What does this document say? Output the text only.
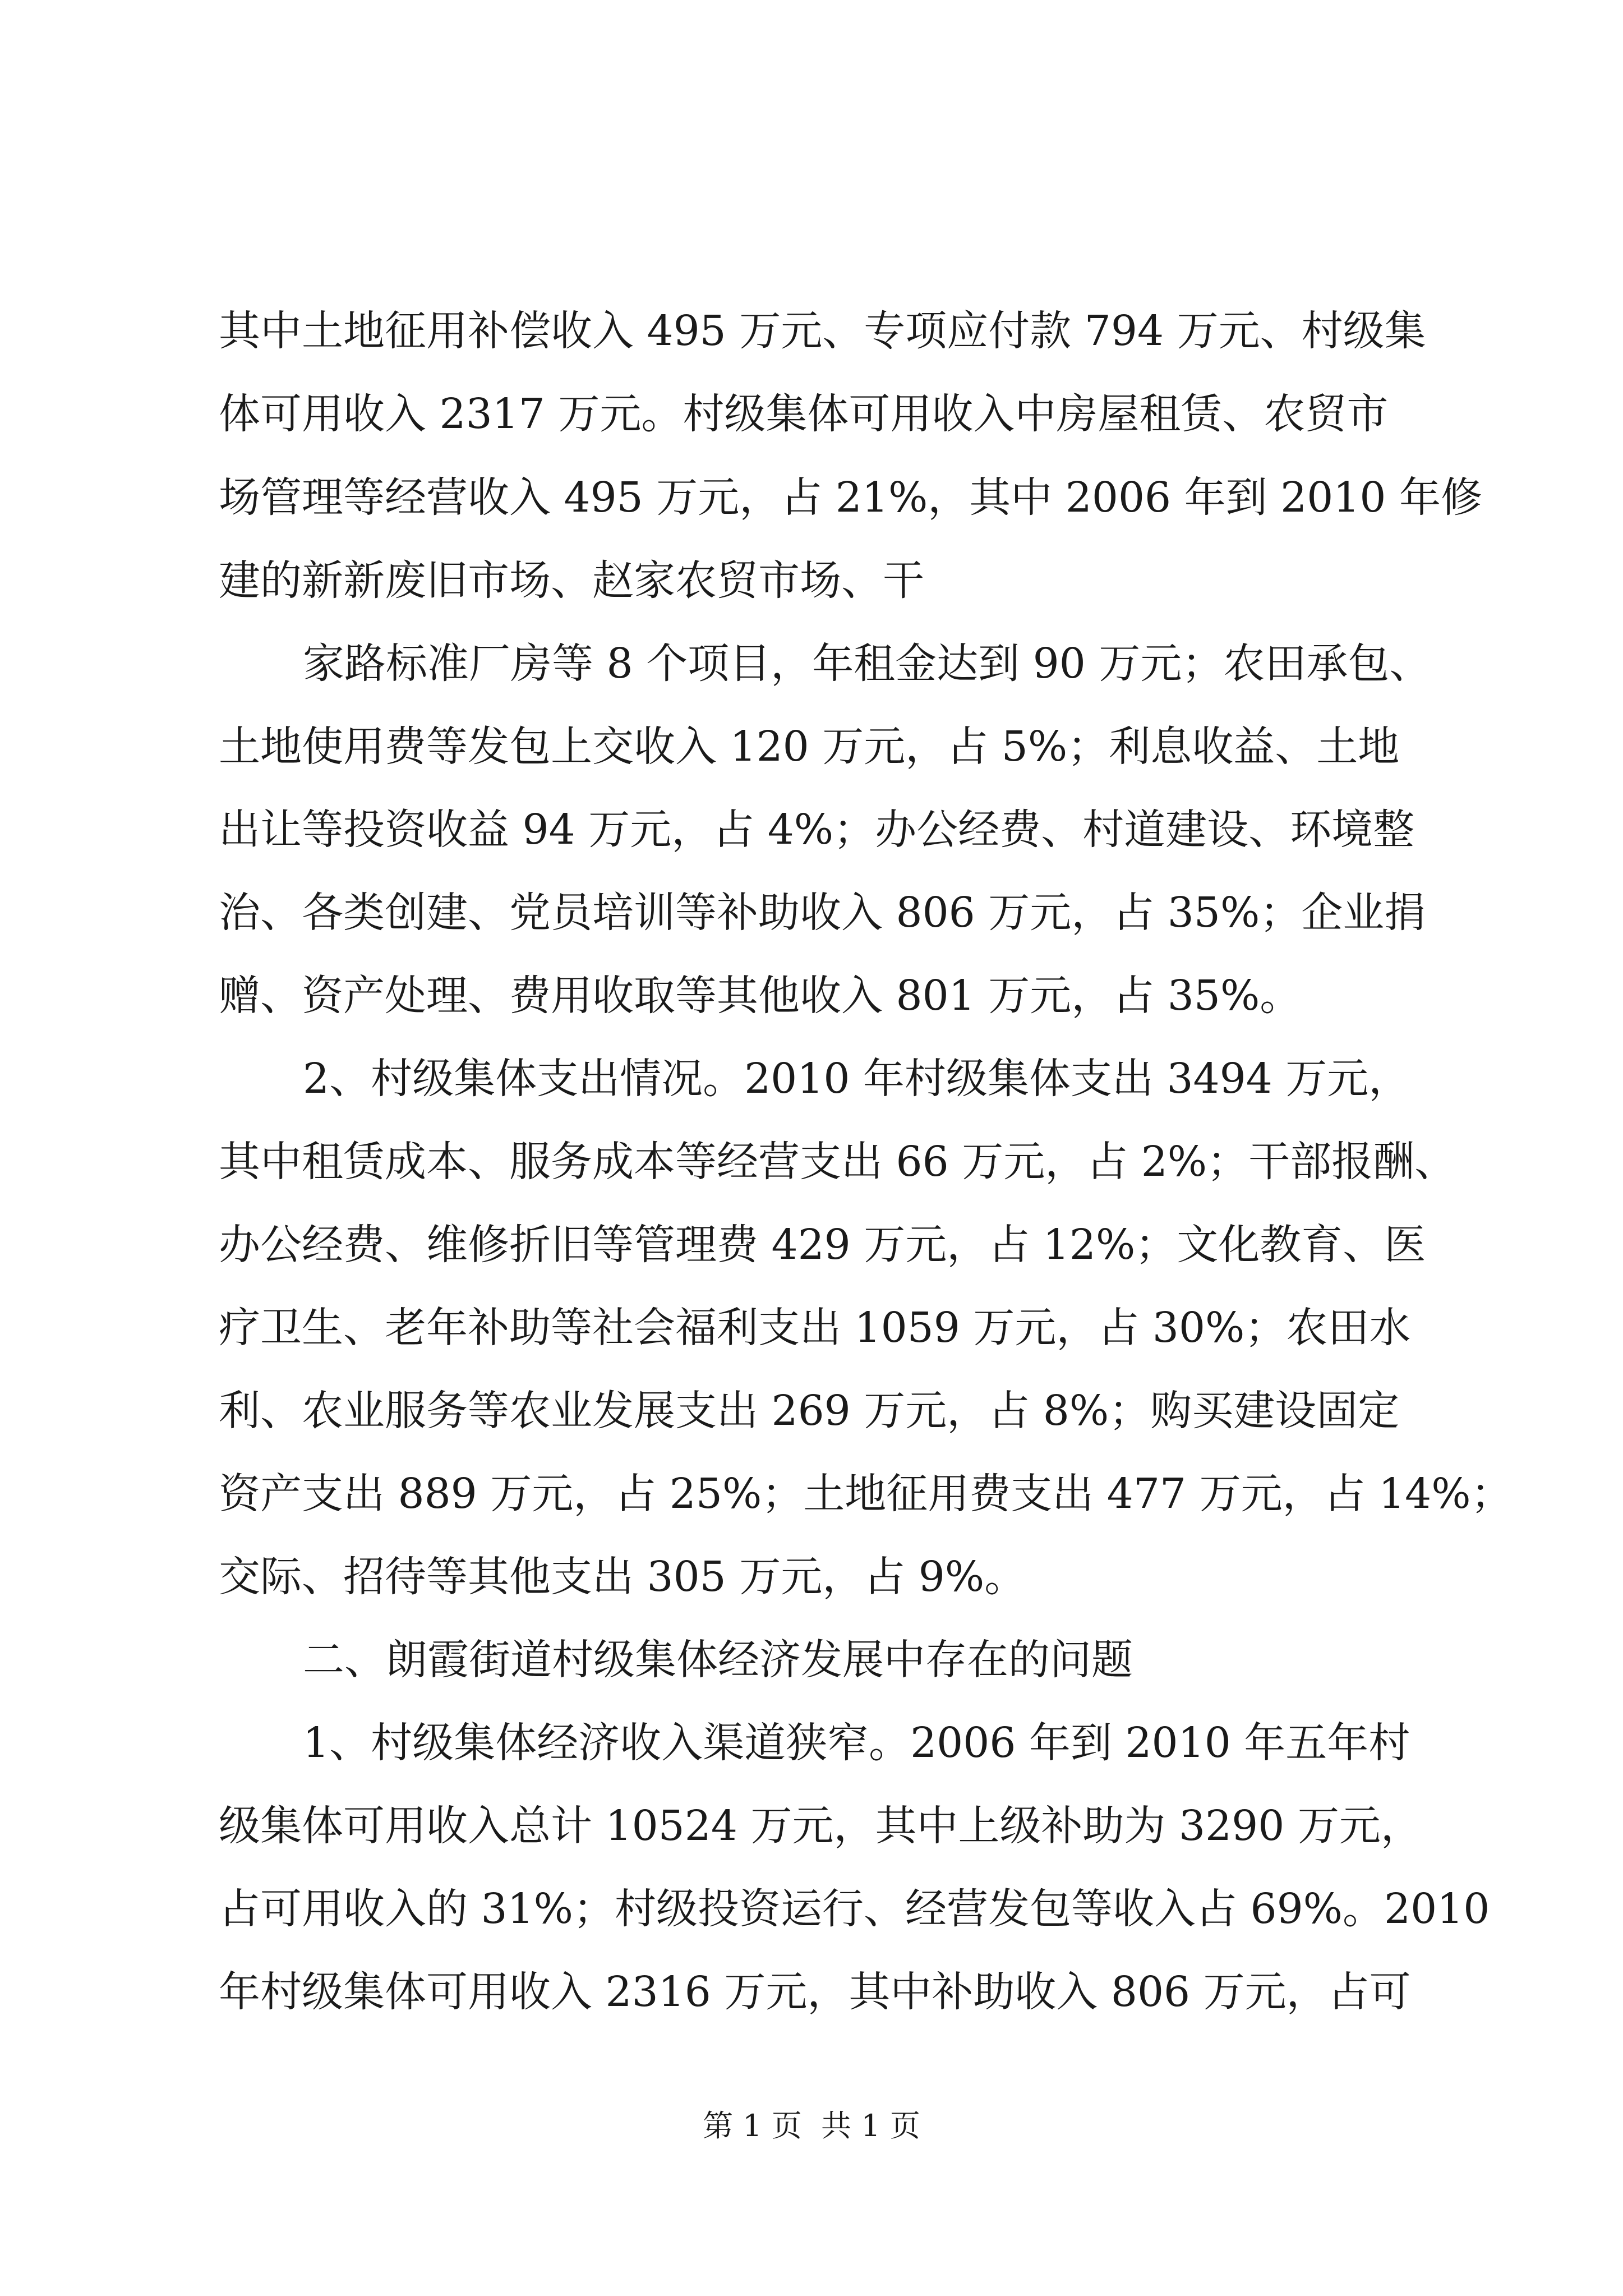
其中土地征用补偿收入 495 万元、专项应付款 794 万元、村级集

体可用收入 2317 万元。村级集体可用收入中房屋租赁、农贸市

场管理等经营收入 495 万元，占 21%，其中 2006 年到 2010 年修

建的新新废旧市场、赵家农贸市场、干

家路标准厂房等 8 个项目，年租金达到 90 万元；农田承包、

土地使用费等发包上交收入 120 万元，占 5%；利息收益、土地

出让等投资收益 94 万元，占 4%；办公经费、村道建设、环境整

治、各类创建、党员培训等补助收入 806 万元，占 35%；企业捐

赠、资产处理、费用收取等其他收入 801 万元，占 35%。

2、村级集体支出情况。2010 年村级集体支出 3494 万元，

其中租赁成本、服务成本等经营支出 66 万元，占 2%；干部报酬、

办公经费、维修折旧等管理费 429 万元，占 12%；文化教育、医

疗卫生、老年补助等社会福利支出 1059 万元，占 30%；农田水

利、农业服务等农业发展支出 269 万元，占 8%；购买建设固定

资产支出 889 万元，占 25%；土地征用费支出 477 万元，占 14%；

交际、招待等其他支出 305 万元，占 9%。

二、朗霞街道村级集体经济发展中存在的问题

1、村级集体经济收入渠道狭窄。2006 年到 2010 年五年村

级集体可用收入总计 10524 万元，其中上级补助为 3290 万元，

占可用收入的 31%；村级投资运行、经营发包等收入占 69%。2010

年村级集体可用收入 2316 万元，其中补助收入 806 万元，占可

第 1 页  共 1 页
